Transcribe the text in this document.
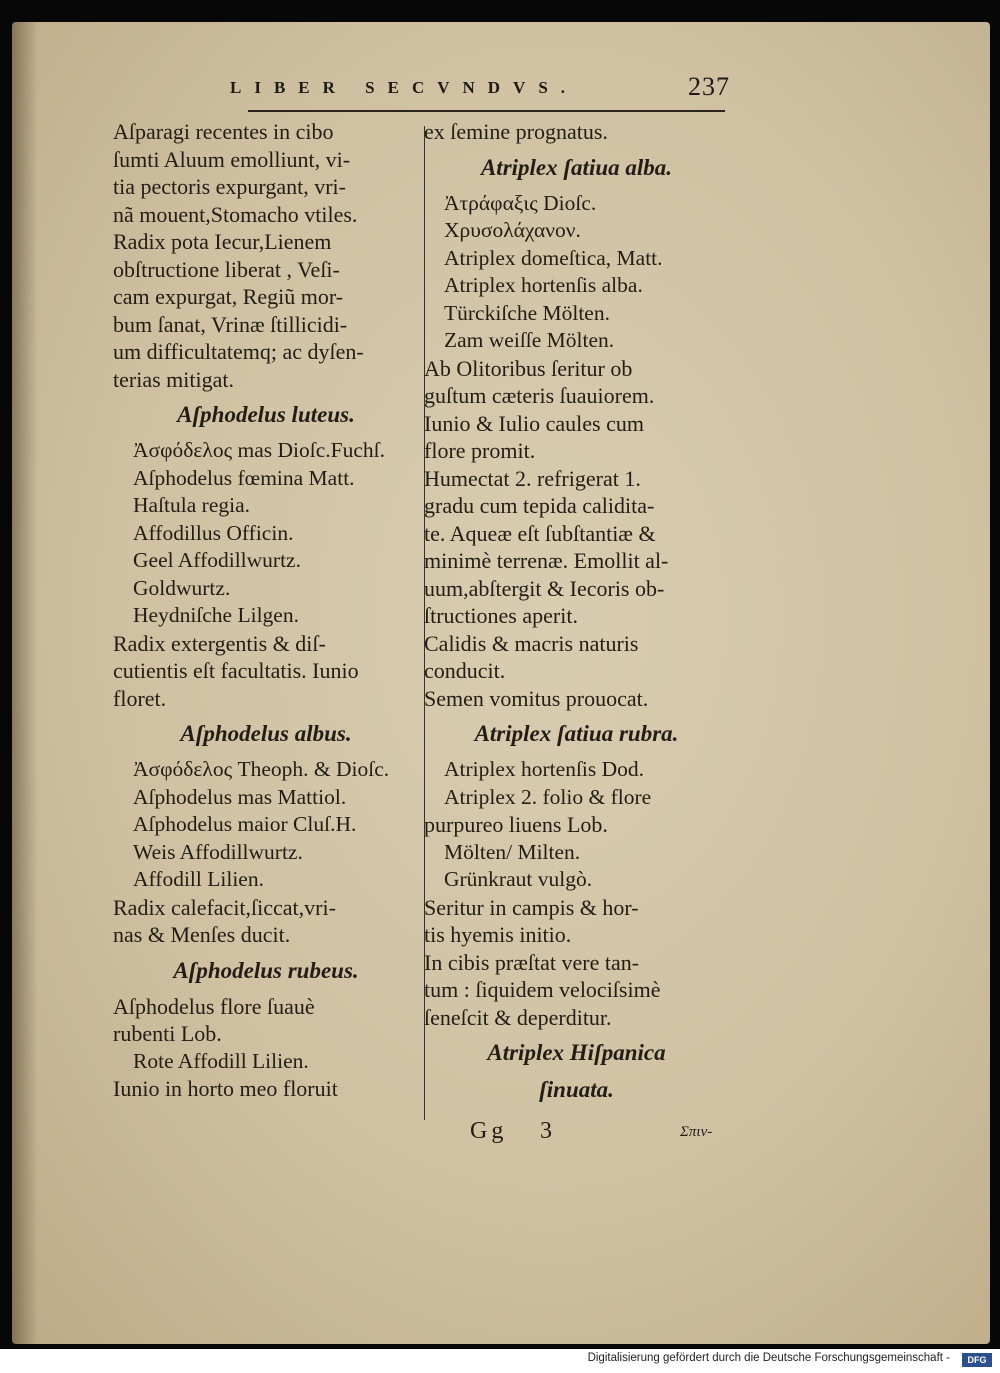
LIBER SECVNDVS.	237
Aſparagi recentes in cibo
ſumti Aluum emolliunt, vi-
tia pectoris expurgant, vri-
nã mouent,Stomacho vtiles.
Radix pota Iecur,Lienem
obſtructione liberat , Veſi-
cam expurgat, Regiũ mor-
bum ſanat, Vrinæ ſtillicidi-
um difficultatemq; ac dyſen-
terias mitigat.
Aſphodelus luteus.
Ἀσφόδελος mas Dioſc.Fuchſ.
Aſphodelus fœmina Matt.
Haſtula regia.
Affodillus Officin.
Geel Affodillwurtz.
Goldwurtz.
Heydniſche Lilgen.
Radix extergentis & diſ-
cutientis eſt facultatis. Iunio
floret.
Aſphodelus albus.
Ἀσφόδελος Theoph. & Dioſc.
Aſphodelus mas Mattiol.
Aſphodelus maior Cluſ.H.
Weis Affodillwurtz.
Affodill Lilien.
Radix calefacit,ſiccat,vri-
nas & Menſes ducit.
Aſphodelus rubeus.
Aſphodelus flore ſuauè
rubenti Lob.
Rote Affodill Lilien.
Iunio in horto meo floruit
ex ſemine prognatus.
Atriplex ſatiua alba.
Ἀτράφαξις Dioſc.
Χρυσολάχανον.
Atriplex domeſtica, Matt.
Atriplex hortenſis alba.
Türckiſche Mölten.
Zam weiſſe Mölten.
Ab Olitoribus ſeritur ob
guſtum cæteris ſuauiorem.
Iunio & Iulio caules cum
flore promit.
Humectat 2. refrigerat 1.
gradu cum tepida calidita-
te. Aqueæ eſt ſubſtantiæ &
minimè terrenæ. Emollit al-
uum,abſtergit & Iecoris ob-
ſtructiones aperit.
Calidis & macris naturis
conducit.
Semen vomitus prouocat.
Atriplex ſatiua rubra.
Atriplex hortenſis Dod.
Atriplex 2. folio & flore
purpureo liuens Lob.
Mölten/ Milten.
Grünkraut vulgò.
Seritur in campis & hor-
tis hyemis initio.
In cibis præſtat vere tan-
tum : ſiquidem velociſsimè
ſeneſcit & deperditur.
Atriplex Hiſpanica
ſinuata.
Gg 3	Σπιν-
Digitalisierung gefördert durch die Deutsche Forschungsgemeinschaft -	DFG
